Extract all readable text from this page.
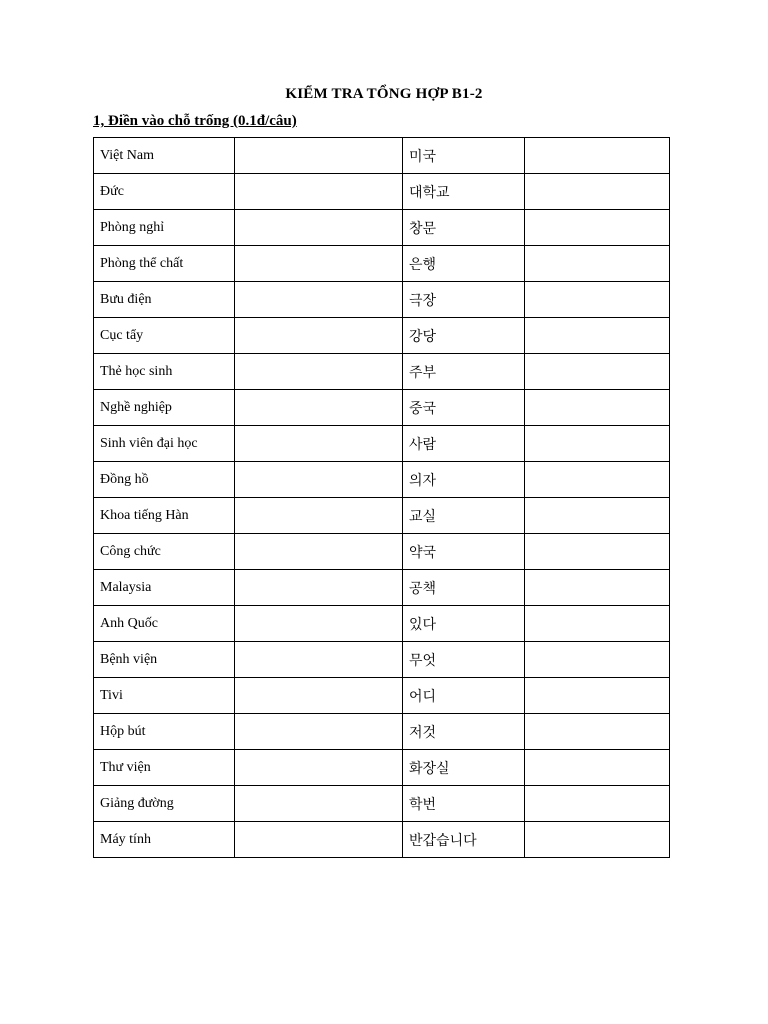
KIỂM TRA TỔNG HỢP B1-2
1, Điền vào chỗ trống (0.1đ/câu)
Việt Nam		미국	
Đức		대학교	
Phòng nghỉ		창문	
Phòng thể chất		은행	
Bưu điện		극장	
Cục tẩy		강당	
Thẻ học sinh		주부	
Nghề nghiệp		중국	
Sinh viên đại học		사람	
Đồng hồ		의자	
Khoa tiếng Hàn		교실	
Công chức		약국	
Malaysia		공책	
Anh Quốc		있다	
Bệnh viện		무엇	
Tivi		어디	
Hộp bút		저것	
Thư viện		화장실	
Giảng đường		학번	
Máy tính		반갑습니다	
